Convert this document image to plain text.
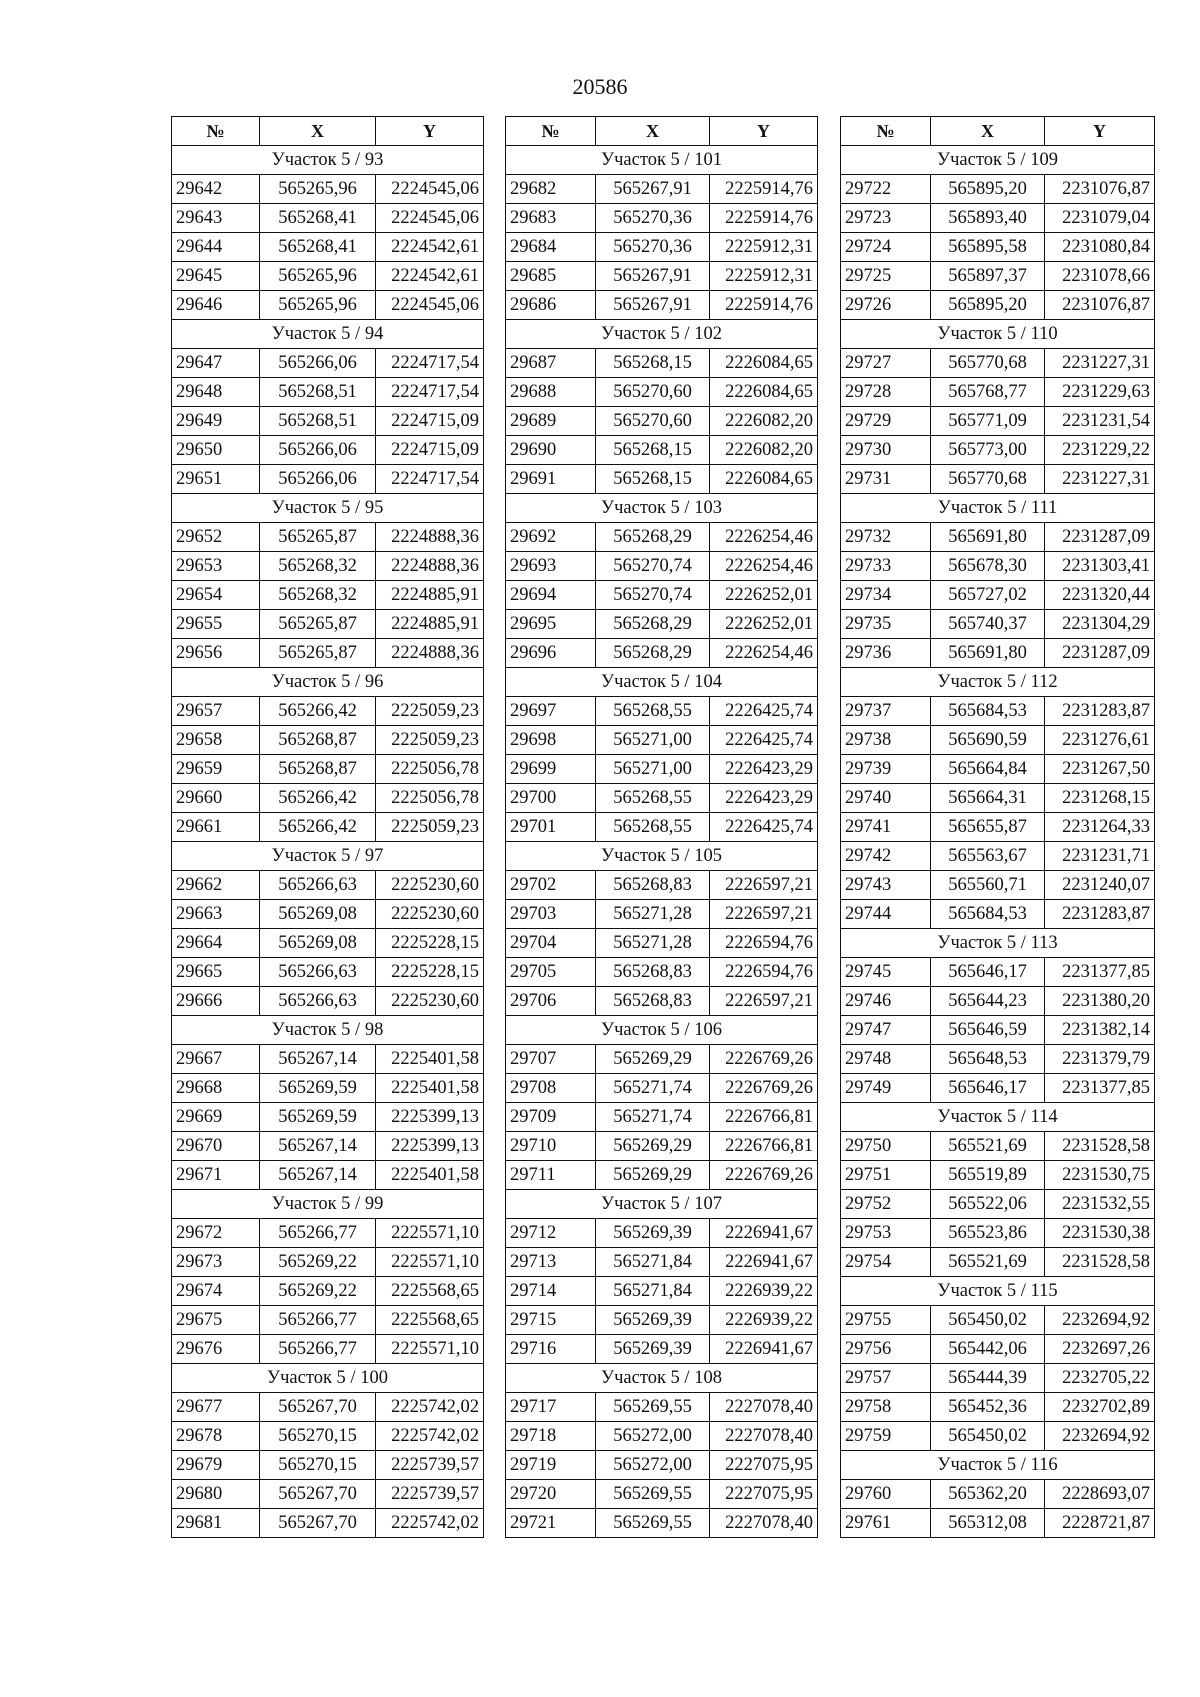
20586
№	X	Y
Участок 5 / 93		
29642	565265,96	2224545,06
29643	565268,41	2224545,06
29644	565268,41	2224542,61
29645	565265,96	2224542,61
29646	565265,96	2224545,06
Участок 5 / 94		
29647	565266,06	2224717,54
29648	565268,51	2224717,54
29649	565268,51	2224715,09
29650	565266,06	2224715,09
29651	565266,06	2224717,54
Участок 5 / 95		
29652	565265,87	2224888,36
29653	565268,32	2224888,36
29654	565268,32	2224885,91
29655	565265,87	2224885,91
29656	565265,87	2224888,36
Участок 5 / 96		
29657	565266,42	2225059,23
29658	565268,87	2225059,23
29659	565268,87	2225056,78
29660	565266,42	2225056,78
29661	565266,42	2225059,23
Участок 5 / 97		
29662	565266,63	2225230,60
29663	565269,08	2225230,60
29664	565269,08	2225228,15
29665	565266,63	2225228,15
29666	565266,63	2225230,60
Участок 5 / 98		
29667	565267,14	2225401,58
29668	565269,59	2225401,58
29669	565269,59	2225399,13
29670	565267,14	2225399,13
29671	565267,14	2225401,58
Участок 5 / 99		
29672	565266,77	2225571,10
29673	565269,22	2225571,10
29674	565269,22	2225568,65
29675	565266,77	2225568,65
29676	565266,77	2225571,10
Участок 5 / 100		
29677	565267,70	2225742,02
29678	565270,15	2225742,02
29679	565270,15	2225739,57
29680	565267,70	2225739,57
29681	565267,70	2225742,02
№	X	Y
Участок 5 / 101		
29682	565267,91	2225914,76
29683	565270,36	2225914,76
29684	565270,36	2225912,31
29685	565267,91	2225912,31
29686	565267,91	2225914,76
Участок 5 / 102		
29687	565268,15	2226084,65
29688	565270,60	2226084,65
29689	565270,60	2226082,20
29690	565268,15	2226082,20
29691	565268,15	2226084,65
Участок 5 / 103		
29692	565268,29	2226254,46
29693	565270,74	2226254,46
29694	565270,74	2226252,01
29695	565268,29	2226252,01
29696	565268,29	2226254,46
Участок 5 / 104		
29697	565268,55	2226425,74
29698	565271,00	2226425,74
29699	565271,00	2226423,29
29700	565268,55	2226423,29
29701	565268,55	2226425,74
Участок 5 / 105		
29702	565268,83	2226597,21
29703	565271,28	2226597,21
29704	565271,28	2226594,76
29705	565268,83	2226594,76
29706	565268,83	2226597,21
Участок 5 / 106		
29707	565269,29	2226769,26
29708	565271,74	2226769,26
29709	565271,74	2226766,81
29710	565269,29	2226766,81
29711	565269,29	2226769,26
Участок 5 / 107		
29712	565269,39	2226941,67
29713	565271,84	2226941,67
29714	565271,84	2226939,22
29715	565269,39	2226939,22
29716	565269,39	2226941,67
Участок 5 / 108		
29717	565269,55	2227078,40
29718	565272,00	2227078,40
29719	565272,00	2227075,95
29720	565269,55	2227075,95
29721	565269,55	2227078,40
№	X	Y
Участок 5 / 109		
29722	565895,20	2231076,87
29723	565893,40	2231079,04
29724	565895,58	2231080,84
29725	565897,37	2231078,66
29726	565895,20	2231076,87
Участок 5 / 110		
29727	565770,68	2231227,31
29728	565768,77	2231229,63
29729	565771,09	2231231,54
29730	565773,00	2231229,22
29731	565770,68	2231227,31
Участок 5 / 111		
29732	565691,80	2231287,09
29733	565678,30	2231303,41
29734	565727,02	2231320,44
29735	565740,37	2231304,29
29736	565691,80	2231287,09
Участок 5 / 112		
29737	565684,53	2231283,87
29738	565690,59	2231276,61
29739	565664,84	2231267,50
29740	565664,31	2231268,15
29741	565655,87	2231264,33
29742	565563,67	2231231,71
29743	565560,71	2231240,07
29744	565684,53	2231283,87
Участок 5 / 113		
29745	565646,17	2231377,85
29746	565644,23	2231380,20
29747	565646,59	2231382,14
29748	565648,53	2231379,79
29749	565646,17	2231377,85
Участок 5 / 114		
29750	565521,69	2231528,58
29751	565519,89	2231530,75
29752	565522,06	2231532,55
29753	565523,86	2231530,38
29754	565521,69	2231528,58
Участок 5 / 115		
29755	565450,02	2232694,92
29756	565442,06	2232697,26
29757	565444,39	2232705,22
29758	565452,36	2232702,89
29759	565450,02	2232694,92
Участок 5 / 116		
29760	565362,20	2228693,07
29761	565312,08	2228721,87
